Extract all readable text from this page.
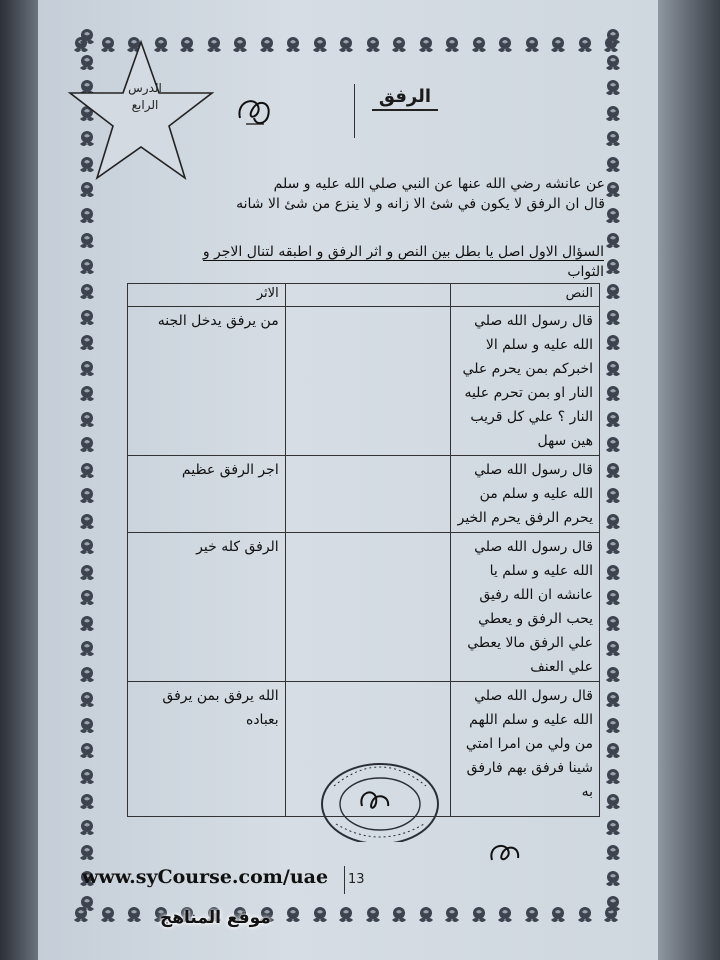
الدرس
الرابع	الرفق

عن عانشه رضي الله عنها عن النبي صلي الله عليه و سلم
قال ان الرفق لا يكون في شئ الا زانه و لا ينزع من شئ الا شانه
السؤال الاول اصل يا بطل بين النص و اثر الرفق و اطبقه لتنال الاجر و
الثواب
النص		الاثر
قال رسول الله صلي الله عليه و سلم الا اخبركم بمن يحرم علي النار او بمن تحرم عليه النار ؟ علي كل قريب هين سهل		من يرفق يدخل الجنه
قال رسول الله صلي الله عليه و سلم من يحرم الرفق يحرم الخير		اجر الرفق عظيم
قال رسول الله صلي الله عليه و سلم يا عانشه ان الله رفيق يحب الرفق و يعطي علي الرفق مالا يعطي علي العنف		الرفق كله خير
قال رسول الله صلي الله عليه و سلم اللهم من ولي من امرا امتي شينا فرفق بهم فارفق به		الله يرفق بمن يرفق بعباده

www.syCourse.com/uae 13
موقع المناهج
